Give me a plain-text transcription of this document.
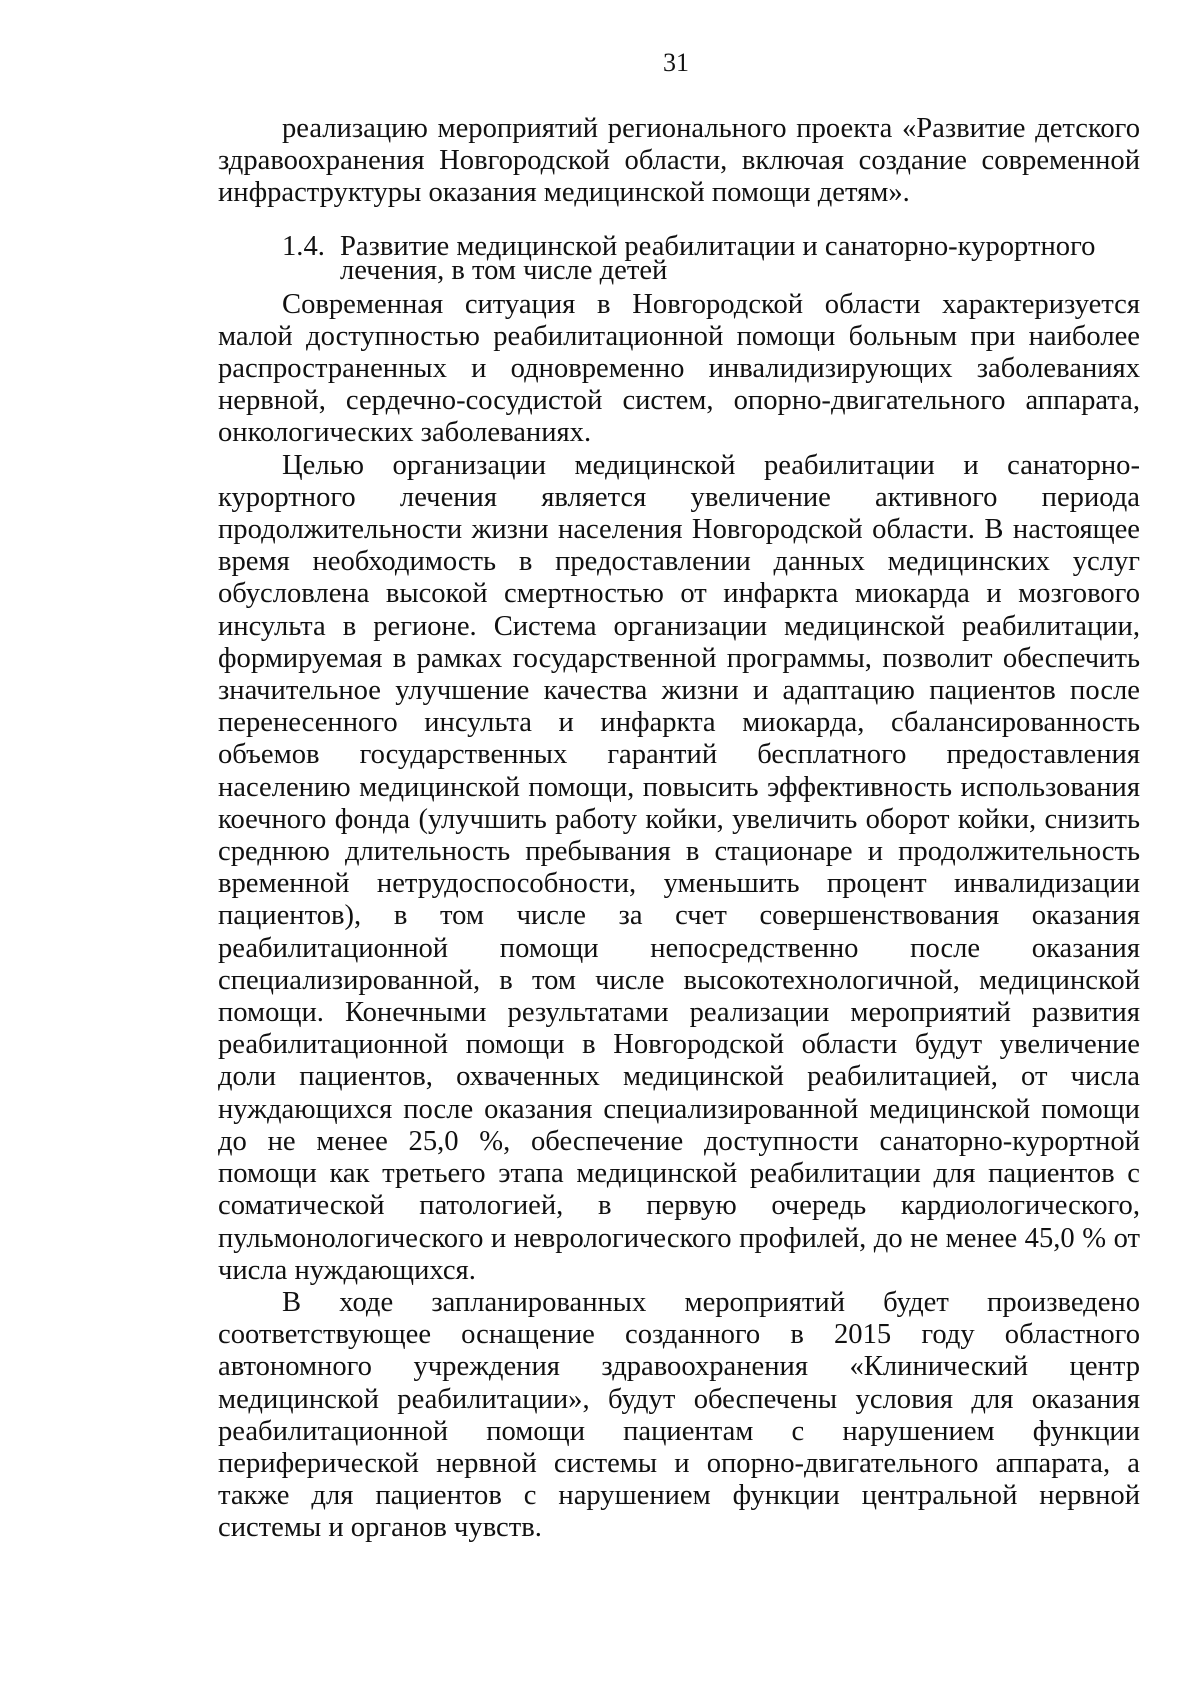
31

реализацию мероприятий регионального проекта «Развитие детского здравоохранения Новгородской области, включая создание современной инфраструктуры оказания медицинской помощи детям».

1.4. Развитие медицинской реабилитации и санаторно-курортного лечения, в том числе детей

Современная ситуация в Новгородской области характеризуется малой доступностью реабилитационной помощи больным при наиболее распространенных и одновременно инвалидизирующих заболеваниях нервной, сердечно-сосудистой систем, опорно-двигательного аппарата, онкологических заболеваниях.

Целью организации медицинской реабилитации и санаторно-курортного лечения является увеличение активного периода продолжительности жизни населения Новгородской области. В настоящее время необходимость в предоставлении данных медицинских услуг обусловлена высокой смертностью от инфаркта миокарда и мозгового инсульта в регионе. Система организации медицинской реабилитации, формируемая в рамках государственной программы, позволит обеспечить значительное улучшение качества жизни и адаптацию пациентов после перенесенного инсульта и инфаркта миокарда, сбалансированность объемов государственных гарантий бесплатного предоставления населению медицинской помощи, повысить эффективность использования коечного фонда (улучшить работу койки, увеличить оборот койки, снизить среднюю длительность пребывания в стационаре и продолжительность временной нетрудоспособности, уменьшить процент инвалидизации пациентов), в том числе за счет совершенствования оказания реабилитационной помощи непосредственно после оказания специализированной, в том числе высокотехнологичной, медицинской помощи. Конечными результатами реализации мероприятий развития реабилитационной помощи в Новгородской области будут увеличение доли пациентов, охваченных медицинской реабилитацией, от числа нуждающихся после оказания специализированной медицинской помощи до не менее 25,0 %, обеспечение доступности санаторно-курортной помощи как третьего этапа медицинской реабилитации для пациентов с соматической патологией, в первую очередь кардиологического, пульмонологического и неврологического профилей, до не менее 45,0 % от числа нуждающихся.

В ходе запланированных мероприятий будет произведено соответствующее оснащение созданного в 2015 году областного автономного учреждения здравоохранения «Клинический центр медицинской реабилитации», будут обеспечены условия для оказания реабилитационной помощи пациентам с нарушением функции периферической нервной системы и опорно-двигательного аппарата, а также для пациентов с нарушением функции центральной нервной системы и органов чувств.
